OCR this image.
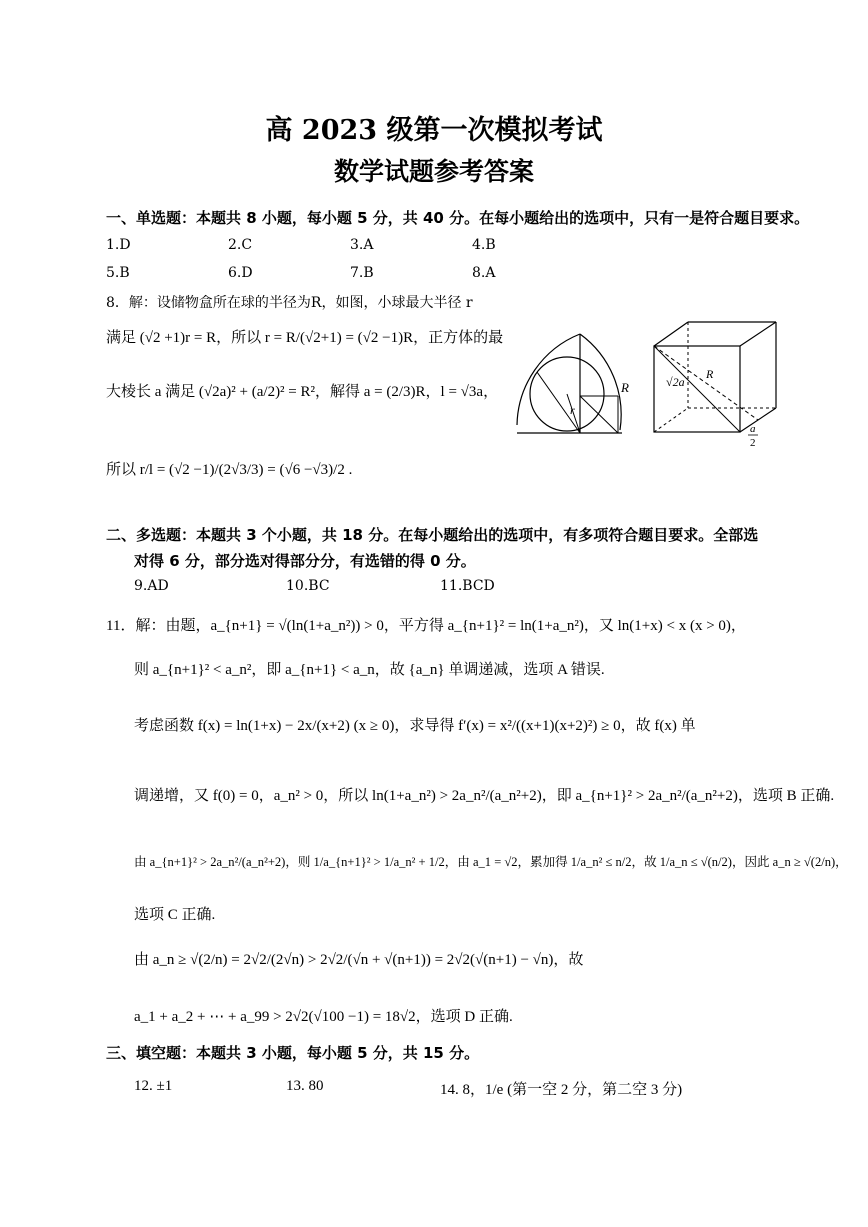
高 2023 级第一次模拟考试
数学试题参考答案
一、单选题：本题共 8 小题，每小题 5 分，共 40 分。在每小题给出的选项中，只有一是符合题目要求。
1.D	2.C	3.A	4.B
5.B	6.D	7.B	8.A
8．解：设储物盒所在球的半径为R，如图，小球最大半径 r
满足 (√2 +1)r = R，所以 r = R/(√2+1) = (√2 −1)R，正方体的最
大棱长 a 满足 (√2a)² + (a/2)² = R²，解得 a = (2/3)R，l = √3a，
所以 r/l = (√2 −1)/(2√3/3) = (√6 −√3)/2 .
R
r
√2a
R
a
2
二、多选题：本题共 3 个小题，共 18 分。在每小题给出的选项中，有多项符合题目要求。全部选
对得 6 分，部分选对得部分分，有选错的得 0 分。
9.AD	10.BC	11.BCD
11．解：由题，a_{n+1} = √(ln(1+a_n²)) > 0，平方得 a_{n+1}² = ln(1+a_n²)，又 ln(1+x) < x (x > 0)，
则 a_{n+1}² < a_n²，即 a_{n+1} < a_n，故 {a_n} 单调递减，选项 A 错误.
考虑函数 f(x) = ln(1+x) − 2x/(x+2) (x ≥ 0)，求导得 f′(x) = x²/((x+1)(x+2)²) ≥ 0，故 f(x) 单
调递增，又 f(0) = 0，a_n² > 0，所以 ln(1+a_n²) > 2a_n²/(a_n²+2)，即 a_{n+1}² > 2a_n²/(a_n²+2)，选项 B 正确.
由 a_{n+1}² > 2a_n²/(a_n²+2)，则 1/a_{n+1}² > 1/a_n² + 1/2，由 a_1 = √2，累加得 1/a_n² ≤ n/2，故 1/a_n ≤ √(n/2)，因此 a_n ≥ √(2/n)，
选项 C 正确.
由 a_n ≥ √(2/n) = 2√2/(2√n) > 2√2/(√n + √(n+1)) = 2√2(√(n+1) − √n)，故
a_1 + a_2 + ⋯ + a_99 > 2√2(√100 −1) = 18√2，选项 D 正确.
三、填空题：本题共 3 小题，每小题 5 分，共 15 分。
12. ±1	13. 80	14. 8，1/e (第一空 2 分，第二空 3 分)
